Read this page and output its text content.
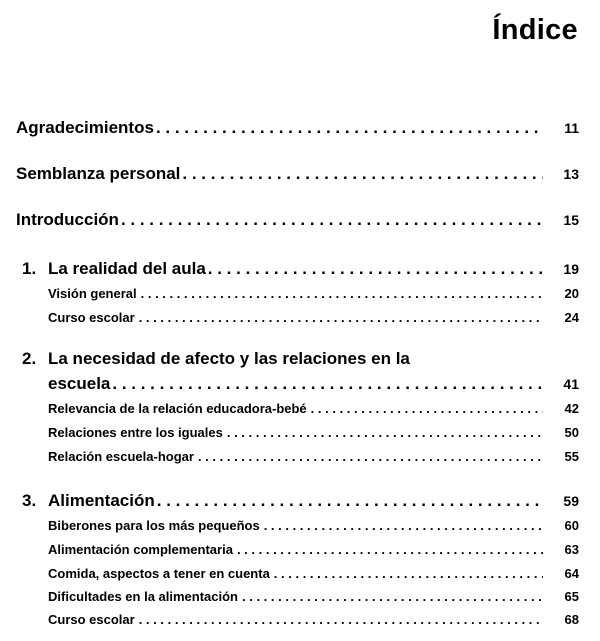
Índice
Agradecimientos . . .	11
Semblanza personal . . .	13
Introducción . . .	15
1. La realidad del aula . . .	19
Visión general . . .	20
Curso escolar . . .	24
2. La necesidad de afecto y las relaciones en la
escuela . . .	41
Relevancia de la relación educadora-bebé . . .	42
Relaciones entre los iguales . . .	50
Relación escuela-hogar . . .	55
3. Alimentación . . .	59
Biberones para los más pequeños . . .	60
Alimentación complementaria . . .	63
Comida, aspectos a tener en cuenta . . .	64
Dificultades en la alimentación . . .	65
Curso escolar . . .	68
